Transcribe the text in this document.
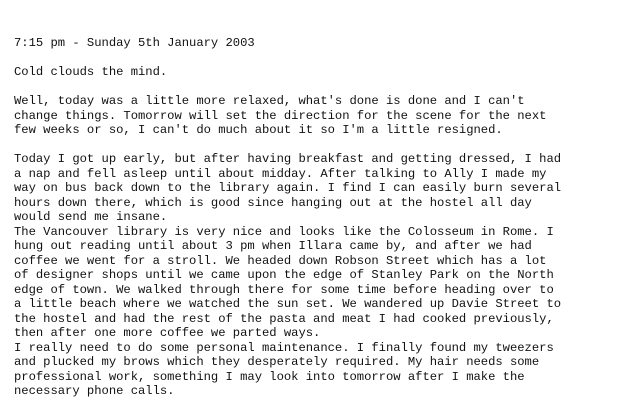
7:15 pm - Sunday 5th January 2003
Cold clouds the mind.
Well, today was a little more relaxed, what's done is done and I can't
change things. Tomorrow will set the direction for the scene for the next
few weeks or so, I can't do much about it so I'm a little resigned.
Today I got up early, but after having breakfast and getting dressed, I had
a nap and fell asleep until about midday. After talking to Ally I made my
way on bus back down to the library again. I find I can easily burn several
hours down there, which is good since hanging out at the hostel all day
would send me insane.
The Vancouver library is very nice and looks like the Colosseum in Rome. I
hung out reading until about 3 pm when Illara came by, and after we had
coffee we went for a stroll. We headed down Robson Street which has a lot
of designer shops until we came upon the edge of Stanley Park on the North
edge of town. We walked through there for some time before heading over to
a little beach where we watched the sun set. We wandered up Davie Street to
the hostel and had the rest of the pasta and meat I had cooked previously,
then after one more coffee we parted ways.
I really need to do some personal maintenance. I finally found my tweezers
and plucked my brows which they desperately required. My hair needs some
professional work, something I may look into tomorrow after I make the
necessary phone calls.
